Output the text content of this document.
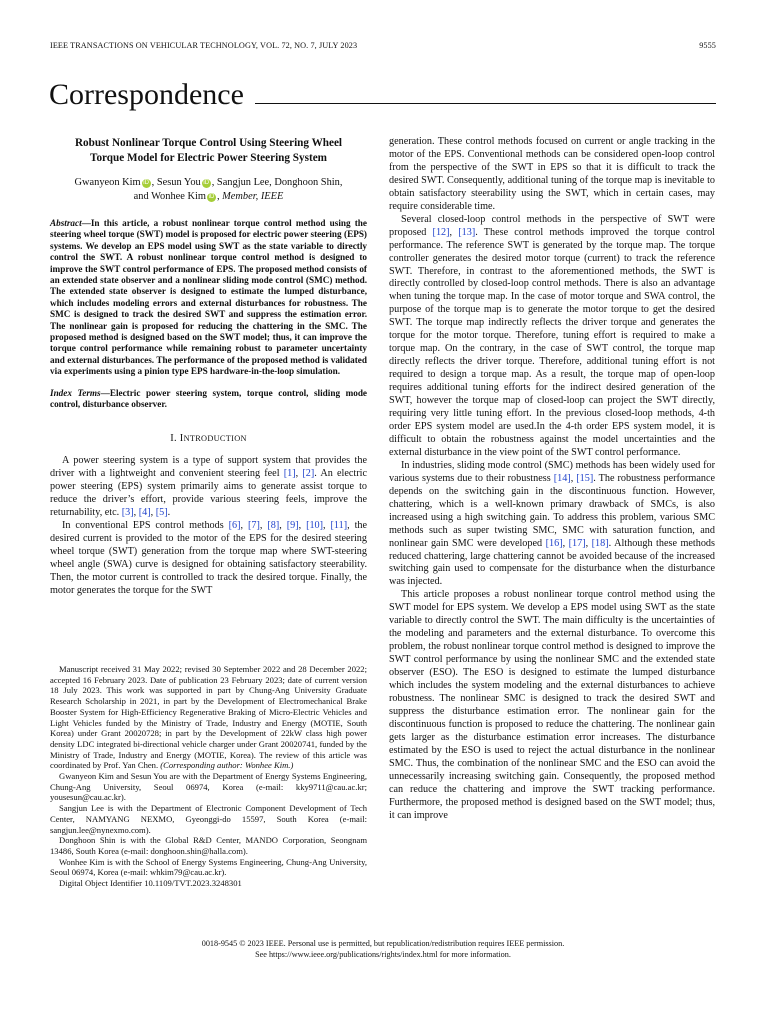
IEEE TRANSACTIONS ON VEHICULAR TECHNOLOGY, VOL. 72, NO. 7, JULY 2023	9555
Correspondence
Robust Nonlinear Torque Control Using Steering Wheel Torque Model for Electric Power Steering System
Gwanyeon Kim iD , Sesun You iD , Sangjun Lee, Donghoon Shin,
and Wonhee Kim iD , Member, IEEE
Abstract—In this article, a robust nonlinear torque control method using the steering wheel torque (SWT) model is proposed for electric power steering (EPS) systems. We develop an EPS model using SWT as the state variable to directly control the SWT. A robust nonlinear torque control method is designed to improve the SWT control performance of EPS. The proposed method consists of an extended state observer and a nonlinear sliding mode control (SMC) method. The extended state observer is designed to estimate the lumped disturbance, which includes modeling errors and external disturbances for robustness. The SMC is designed to track the desired SWT and suppress the estimation error. The nonlinear gain is proposed for reducing the chattering in the SMC. The proposed method is designed based on the SWT model; thus, it can improve the torque control performance while remaining robust to parameter uncertainty and external disturbances. The performance of the proposed method is validated via experiments using a pinion type EPS hardware-in-the-loop simulation.
Index Terms—Electric power steering system, torque control, sliding mode control, disturbance observer.
I. INTRODUCTION

A power steering system is a type of support system that provides the driver with a lightweight and convenient steering feel [1], [2]. An electric power steering (EPS) system primarily aims to generate assist torque to reduce the driver’s effort, provide various steering feels, improve the returnability, etc. [3], [4], [5].

In conventional EPS control methods [6], [7], [8], [9], [10], [11], the desired current is provided to the motor of the EPS for the desired steering wheel torque (SWT) generation from the torque map where SWT-steering wheel angle (SWA) curve is designed for obtaining satisfactory steerability. Then, the motor current is controlled to track the desired torque. Finally, the motor generates the torque for the SWT

Manuscript received 31 May 2022; revised 30 September 2022 and 28 December 2022; accepted 16 February 2023. Date of publication 23 February 2023; date of current version 18 July 2023. This work was supported in part by Chung-Ang University Graduate Research Scholarship in 2021, in part by the Development of Electromechanical Brake Booster System for High-Efficiency Regenerative Braking of Micro-Electric Vehicles and Light Vehicles funded by the Ministry of Trade, Industry and Energy (MOTIE, South Korea) under Grant 20020728; in part by the Development of 22kW class high power density LDC integrated bi-directional vehicle charger under Grant 20020741, funded by the Ministry of Trade, Industry and Energy (MOTIE, Korea). The review of this article was coordinated by Prof. Yan Chen. (Corresponding author: Wonhee Kim.)

Gwanyeon Kim and Sesun You are with the Department of Energy Systems Engineering, Chung-Ang University, Seoul 06974, Korea (e-mail: kky9711@cau.ac.kr; yousesun@cau.ac.kr).

Sangjun Lee is with the Department of Electronic Component Development of Tech Center, NAMYANG NEXMO, Gyeonggi-do 15597, South Korea (e-mail: sangjun.lee@nynexmo.com).

Donghoon Shin is with the Global R&D Center, MANDO Corporation, Seongnam 13486, South Korea (e-mail: donghoon.shin@halla.com).

Wonhee Kim is with the School of Energy Systems Engineering, Chung-Ang University, Seoul 06974, Korea (e-mail: whkim79@cau.ac.kr).

Digital Object Identifier 10.1109/TVT.2023.3248301

generation. These control methods focused on current or angle tracking in the motor of the EPS. Conventional methods can be considered open-loop control from the perspective of the SWT in EPS so that it is difficult to track the desired SWT. Consequently, additional tuning of the torque map is inevitable to obtain satisfactory steerability using the SWT, which in certain cases, may require considerable time.

Several closed-loop control methods in the perspective of SWT were proposed [12], [13]. These control methods improved the torque control performance. The reference SWT is generated by the torque map. The torque controller generates the desired motor torque (current) to track the reference SWT. Therefore, in contrast to the aforementioned methods, the SWT is directly controlled by closed-loop control methods. There is also an advantage when tuning the torque map. In the case of motor torque and SWA control, the purpose of the torque map is to generate the motor torque to get the desired SWT. The torque map indirectly reflects the driver torque and generates the torque for the motor torque. Therefore, tuning effort is required to make a torque map. On the contrary, in the case of SWT control, the torque map directly reflects the driver torque. Therefore, additional tuning effort is not required to design a torque map. As a result, the torque map of open-loop requires additional tuning efforts for the indirect desired generation of the SWT, however the torque map of closed-loop can project the SWT directly, requiring very little tuning effort. In the previous closed-loop methods, 4-th order EPS system model are used.In the 4-th order EPS system model, it is difficult to obtain the robustness against the model uncertainties and the external disturbance in the view point of the SWT control performance.

In industries, sliding mode control (SMC) methods has been widely used for various systems due to their robustness [14], [15]. The robustness performance depends on the switching gain in the discontinuous function. However, chattering, which is a well-known primary drawback of SMCs, is also increased using a high switching gain. To address this problem, various SMC methods such as super twisting SMC, SMC with saturation function, and nonlinear gain SMC were developed [16], [17], [18]. Although these methods reduced chattering, large chattering cannot be avoided because of the increased switching gain used to compensate for the disturbance when the disturbance was injected.

This article proposes a robust nonlinear torque control method using the SWT model for EPS system. We develop a EPS model using SWT as the state variable to directly control the SWT. The main difficulty is the uncertainties of the modeling and parameters and the external disturbance. To overcome this problem, the robust nonlinear torque control method is designed to improve the SWT control performance by using the nonlinear SMC and the extended state observer (ESO). The ESO is designed to estimate the lumped disturbance which includes the system modeling and the external disturbances to achieve robustness. The nonlinear SMC is designed to track the desired SWT and suppress the disturbance estimation error. The nonlinear gain for the discontinuous function is proposed to reduce the chattering. The nonlinear gain gets larger as the disturbance estimation error increases. The disturbance estimated by the ESO is used to reject the actual disturbance in the nonlinear SMC. Thus, the combination of the nonlinear SMC and the ESO can avoid the unnecessarily increasing switching gain. Consequently, the proposed method can reduce the chattering and improve the SWT tracking performance. Furthermore, the proposed method is designed based on the SWT model; thus, it can improve

0018-9545 © 2023 IEEE. Personal use is permitted, but republication/redistribution requires IEEE permission.
See https://www.ieee.org/publications/rights/index.html for more information.
